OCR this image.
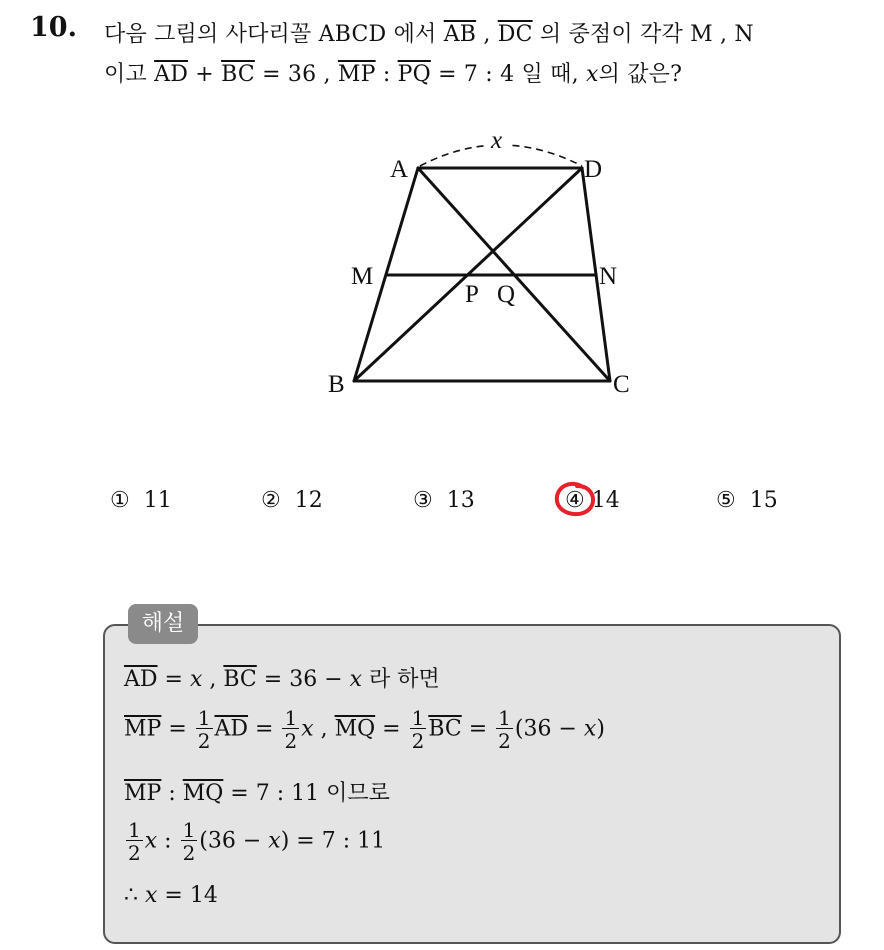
10. 다음 그림의 사다리꼴 ABCD 에서 $\overline{AB}$ , $\overline{DC}$ 의 중점이 각각 M , N
이고 $\overline{AD} + \overline{BC} = 36$ , $\overline{MP}$ : $\overline{PQ} = 7$ : 4 일 때, x의 값은?
x
A	D
M	N
P Q
B	C
① 11	② 12	③ 13	④ 14	⑤ 15
해설
$\overline{AD} = x$ , $\overline{BC} = 36 - x$ 라 하면
$\overline{MP} = \frac{1}{2} \overline{AD} = \frac{1}{2}$ x , $\overline{MQ} = \frac{1}{2} \overline{BC} = \frac{1}{2} (36 - x)$
$\overline{MP}$ : $\overline{MQ} = 7$ : 11 이므로
$\frac{1}{2}$ x : $\frac{1}{2} (36 - x) = 7$ : 11
∴ x = 14
